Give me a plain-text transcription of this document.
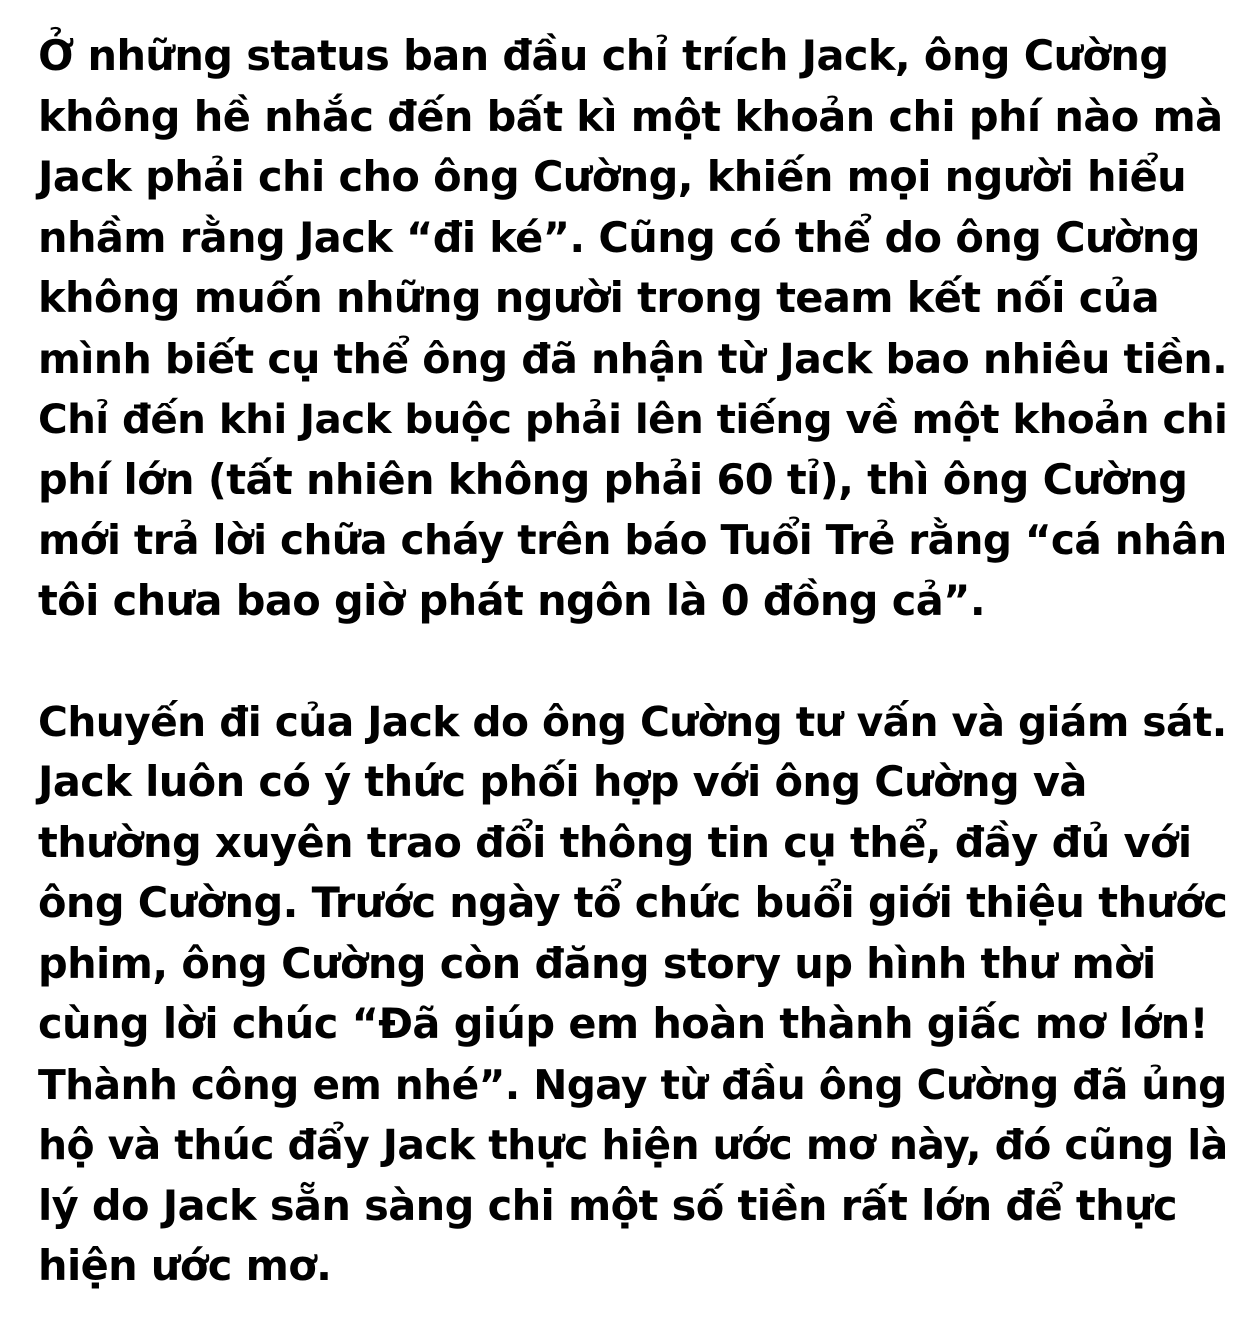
Ở những status ban đầu chỉ trích Jack, ông Cường
không hề nhắc đến bất kì một khoản chi phí nào mà
Jack phải chi cho ông Cường, khiến mọi người hiểu
nhầm rằng Jack “đi ké”. Cũng có thể do ông Cường
không muốn những người trong team kết nối của
mình biết cụ thể ông đã nhận từ Jack bao nhiêu tiền.
Chỉ đến khi Jack buộc phải lên tiếng về một khoản chi
phí lớn (tất nhiên không phải 60 tỉ), thì ông Cường
mới trả lời chữa cháy trên báo Tuổi Trẻ rằng “cá nhân
tôi chưa bao giờ phát ngôn là 0 đồng cả”.
Chuyến đi của Jack do ông Cường tư vấn và giám sát.
Jack luôn có ý thức phối hợp với ông Cường và
thường xuyên trao đổi thông tin cụ thể, đầy đủ với
ông Cường. Trước ngày tổ chức buổi giới thiệu thước
phim, ông Cường còn đăng story up hình thư mời
cùng lời chúc “Đã giúp em hoàn thành giấc mơ lớn!
Thành công em nhé”. Ngay từ đầu ông Cường đã ủng
hộ và thúc đẩy Jack thực hiện ước mơ này, đó cũng là
lý do Jack sẵn sàng chi một số tiền rất lớn để thực
hiện ước mơ.
